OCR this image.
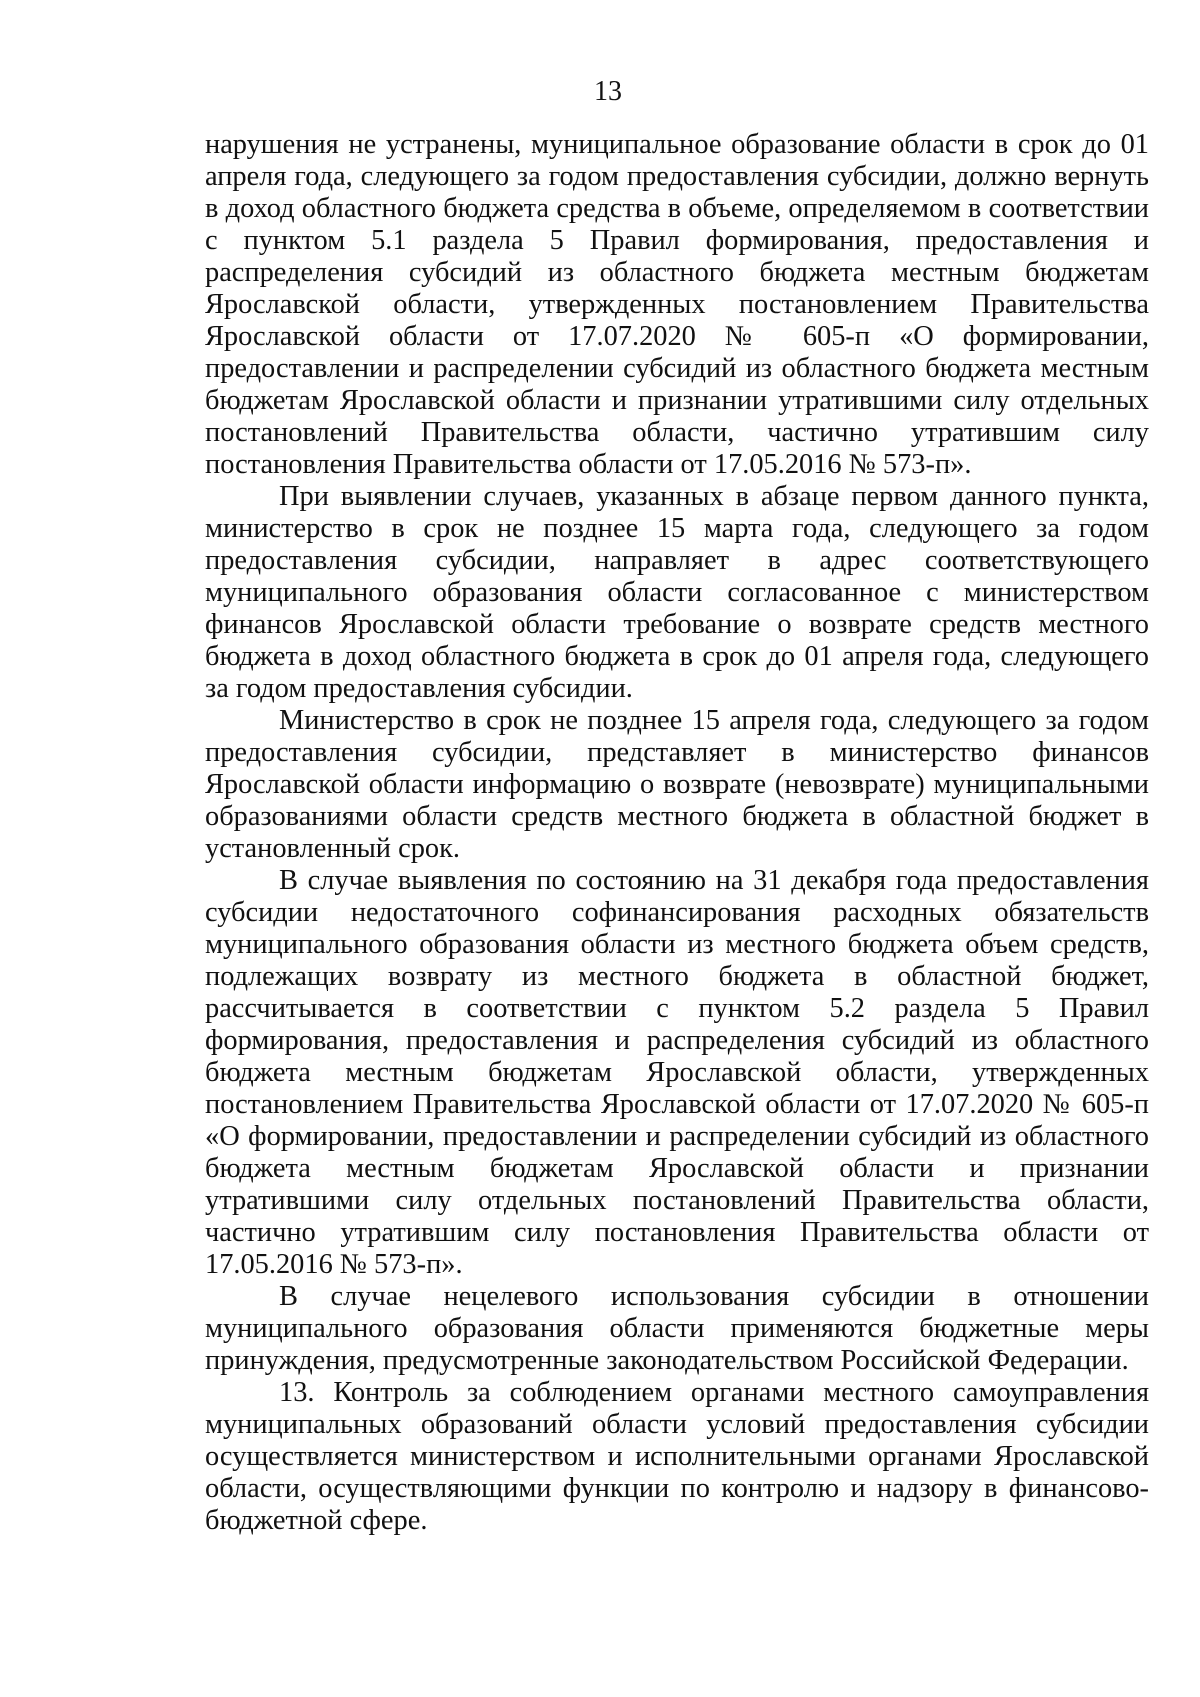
13

нарушения не устранены, муниципальное образование области в срок до 01 апреля года, следующего за годом предоставления субсидии, должно вернуть в доход областного бюджета средства в объеме, определяемом в соответствии с пунктом 5.1 раздела 5 Правил формирования, предоставления и распределения субсидий из областного бюджета местным бюджетам Ярославской области, утвержденных постановлением Правительства Ярославской области от 17.07.2020 № 605-п «О формировании, предоставлении и распределении субсидий из областного бюджета местным бюджетам Ярославской области и признании утратившими силу отдельных постановлений Правительства области, частично утратившим силу постановления Правительства области от 17.05.2016 № 573-п».

При выявлении случаев, указанных в абзаце первом данного пункта, министерство в срок не позднее 15 марта года, следующего за годом предоставления субсидии, направляет в адрес соответствующего муниципального образования области согласованное с министерством финансов Ярославской области требование о возврате средств местного бюджета в доход областного бюджета в срок до 01 апреля года, следующего за годом предоставления субсидии.

Министерство в срок не позднее 15 апреля года, следующего за годом предоставления субсидии, представляет в министерство финансов Ярославской области информацию о возврате (невозврате) муниципальными образованиями области средств местного бюджета в областной бюджет в установленный срок.

В случае выявления по состоянию на 31 декабря года предоставления субсидии недостаточного софинансирования расходных обязательств муниципального образования области из местного бюджета объем средств, подлежащих возврату из местного бюджета в областной бюджет, рассчитывается в соответствии с пунктом 5.2 раздела 5 Правил формирования, предоставления и распределения субсидий из областного бюджета местным бюджетам Ярославской области, утвержденных постановлением Правительства Ярославской области от 17.07.2020 № 605-п «О формировании, предоставлении и распределении субсидий из областного бюджета местным бюджетам Ярославской области и признании утратившими силу отдельных постановлений Правительства области, частично утратившим силу постановления Правительства области от 17.05.2016 № 573-п».

В случае нецелевого использования субсидии в отношении муниципального образования области применяются бюджетные меры принуждения, предусмотренные законодательством Российской Федерации.

13. Контроль за соблюдением органами местного самоуправления муниципальных образований области условий предоставления субсидии осуществляется министерством и исполнительными органами Ярославской области, осуществляющими функции по контролю и надзору в финансово-бюджетной сфере.
